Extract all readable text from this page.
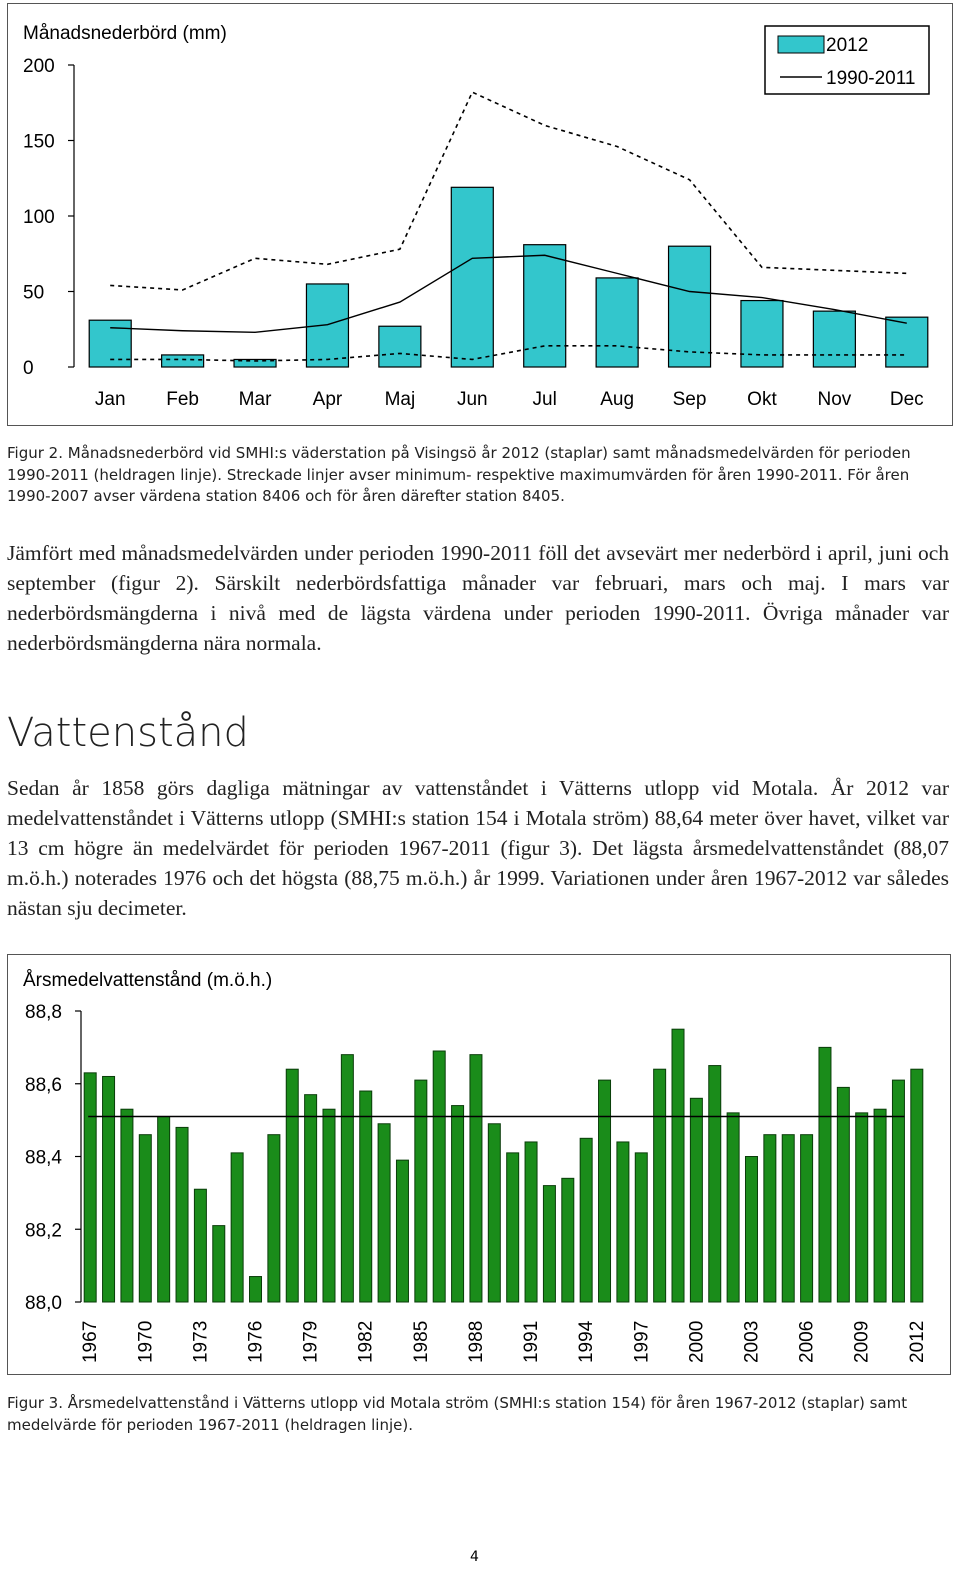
Månadsnederbörd (mm)
0
50
100
150
200
Jan Feb Mar Apr Maj Jun Jul Aug Sep Okt Nov Dec
2012
1990-2011
Figur 2. Månadsnederbörd vid SMHI:s väderstation på Visingsö år 2012 (staplar) samt månadsmedelvärden för perioden 1990-2011 (heldragen linje). Streckade linjer avser minimum- respektive maximumvärden för åren 1990-2011. För åren 1990-2007 avser värdena station 8406 och för åren därefter station 8405.
Jämfört med månadsmedelvärden under perioden 1990-2011 föll det avsevärt mer nederbörd i april, juni och september (figur 2). Särskilt nederbördsfattiga månader var februari, mars och maj. I mars var nederbördsmängderna i nivå med de lägsta värdena under perioden 1990-2011. Övriga månader var nederbördsmängderna nära normala.
Vattenstånd
Sedan år 1858 görs dagliga mätningar av vattenståndet i Vätterns utlopp vid Motala. År 2012 var medelvattenståndet i Vätterns utlopp (SMHI:s station 154 i Motala ström) 88,64 meter över havet, vilket var 13 cm högre än medelvärdet för perioden 1967-2011 (figur 3). Det lägsta årsmedelvattenståndet (88,07 m.ö.h.) noterades 1976 och det högsta (88,75 m.ö.h.) år 1999. Variationen under åren 1967-2012 var således nästan sju decimeter.
Årsmedelvattenstånd (m.ö.h.)
88,0
88,2
88,4
88,6
88,8
1967 1970 1973 1976 1979 1982 1985 1988 1991 1994 1997 2000 2003 2006 2009 2012
Figur 3. Årsmedelvattenstånd i Vätterns utlopp vid Motala ström (SMHI:s station 154) för åren 1967-2012 (staplar) samt medelvärde för perioden 1967-2011 (heldragen linje).
4
